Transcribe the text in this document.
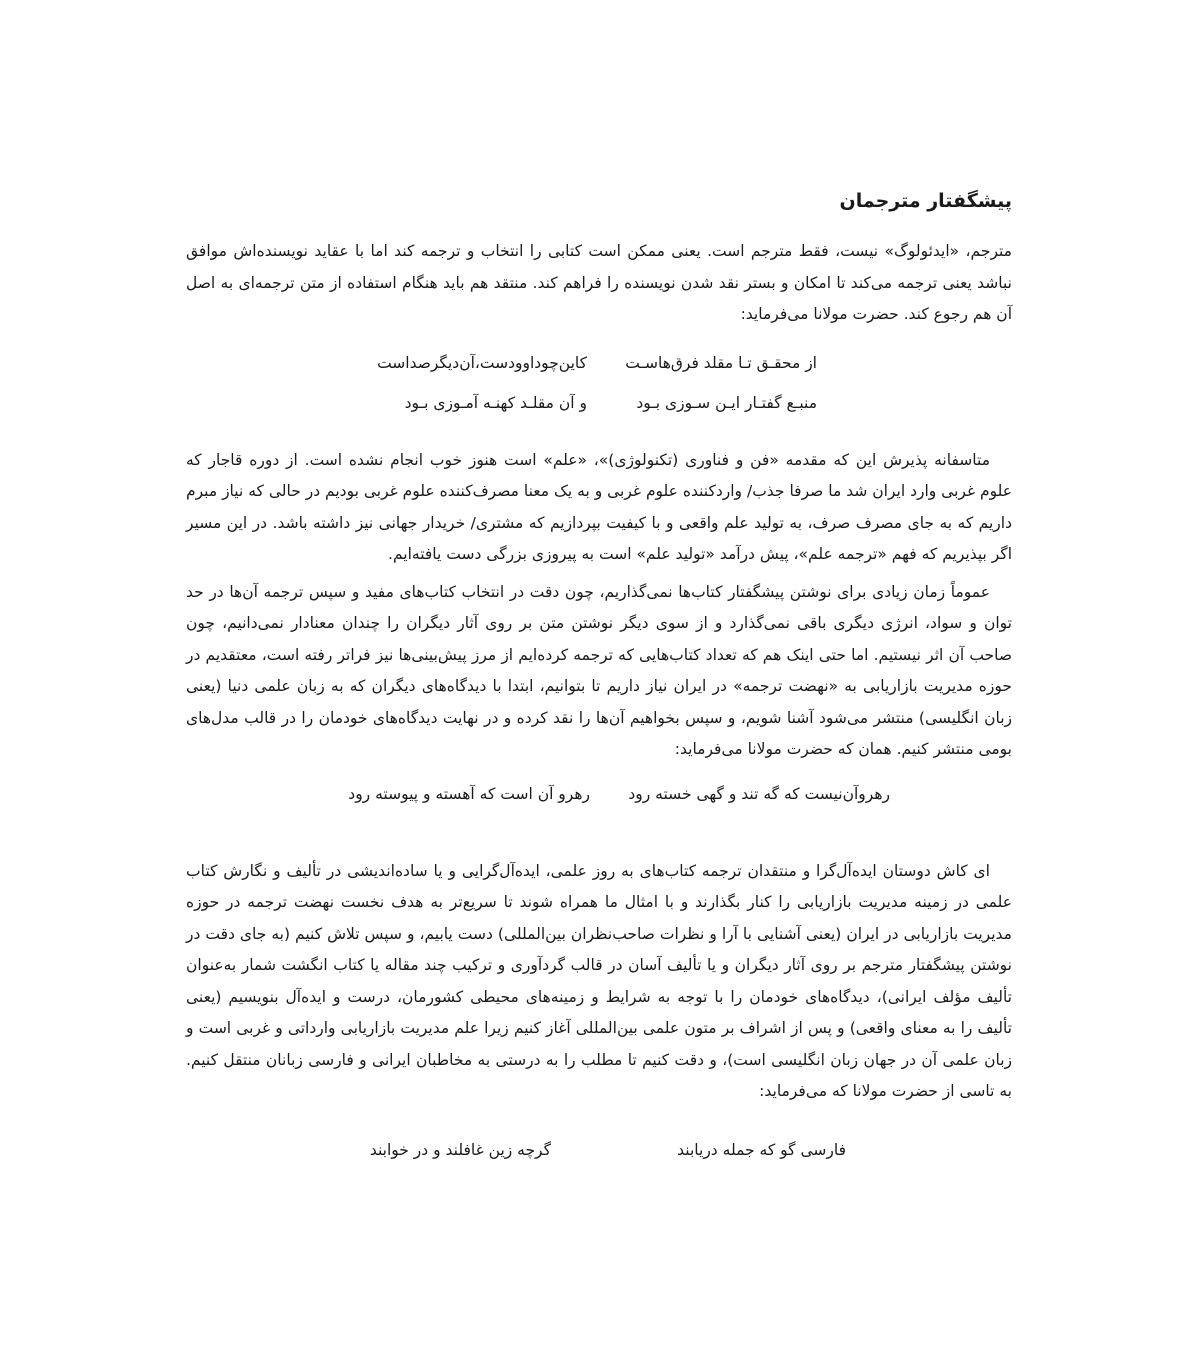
پیشگفتار مترجمان

مترجم، «ایدئولوگ» نیست، فقط مترجم است. یعنی ممکن است کتابی را انتخاب و ترجمه کند اما با عقاید نویسنده‌اش موافق نباشد یعنی ترجمه می‌کند تا امکان و بستر نقد شدن نویسنده را فراهم کند. منتقد هم باید هنگام استفاده از متن ترجمه‌ای به اصل آن هم رجوع کند. حضرت مولانا می‌فرماید:

از محقـق تـا مقلد فرق‌هاسـت
کاین‌چوداوودست،آن‌دیگرصداست
منبـع گفتـار ایـن سـوزی بـود
و آن مقلـد کهنـه آمـوزی بـود

متاسفانه پذیرش این که مقدمه «فن و فناوری (تکنولوژی)»، «علم» است هنوز خوب انجام نشده است. از دوره قاجار که علوم غربی وارد ایران شد ما صرفا جذب/ واردکننده علوم غربی و به یک معنا مصرف‌کننده علوم غربی بودیم در حالی که نیاز مبرم داریم که به جای مصرف صرف، به تولید علم واقعی و با کیفیت بپردازیم که مشتری/ خریدار جهانی نیز داشته باشد. در این مسیر اگر بپذیریم که فهم «ترجمه علم»، پیش درآمد «تولید علم» است به پیروزی بزرگی دست یافته‌ایم.

عموماً زمان زیادی برای نوشتن پیشگفتار کتاب‌ها نمی‌گذاریم، چون دقت در انتخاب کتاب‌های مفید و سپس ترجمه آن‌ها در حد توان و سواد، انرژی دیگری باقی نمی‌گذارد و از سوی دیگر نوشتن متن بر روی آثار دیگران را چندان معنادار نمی‌دانیم، چون صاحب آن اثر نیستیم. اما حتی اینک هم که تعداد کتاب‌هایی که ترجمه کرده‌ایم از مرز پیش‌بینی‌ها نیز فراتر رفته است، معتقدیم در حوزه مدیریت بازاریابی به «نهضت ترجمه» در ایران نیاز داریم تا بتوانیم، ابتدا با دیدگاه‌های دیگران که به زبان علمی دنیا (یعنی زبان انگلیسی) منتشر می‌شود آشنا شویم، و سپس بخواهیم آن‌ها را نقد کرده و در نهایت دیدگاه‌های خودمان را در قالب مدل‌های بومی منتشر کنیم. همان که حضرت مولانا می‌فرماید:

رهروآن‌نیست که گه تند و گهی خسته رود
رهرو آن است که آهسته و پیوسته رود

ای کاش دوستان ایده‌آل‌گرا و منتقدان ترجمه کتاب‌های به روز علمی، ایده‌آل‌گرایی و یا ساده‌اندیشی در تألیف و نگارش کتاب علمی در زمینه مدیریت بازاریابی را کنار بگذارند و با امثال ما همراه شوند تا سریع‌تر به هدف نخست نهضت ترجمه در حوزه مدیریت بازاریابی در ایران (یعنی آشنایی با آرا و نظرات صاحب‌نظران بین‌المللی) دست یابیم، و سپس تلاش کنیم (به جای دقت در نوشتن پیشگفتار مترجم بر روی آثار دیگران و یا تألیف آسان در قالب گردآوری و ترکیب چند مقاله یا کتاب انگشت شمار به‌عنوان تألیف مؤلف ایرانی)، دیدگاه‌های خودمان را با توجه به شرایط و زمینه‌های محیطی کشورمان، درست و ایده‌آل بنویسیم (یعنی تألیف را به معنای واقعی) و پس از اشراف بر متون علمی بین‌المللی آغاز کنیم زیرا علم مدیریت بازاریابی وارداتی و غربی است و زبان علمی آن در جهان زبان انگلیسی است)، و دقت کنیم تا مطلب را به درستی به مخاطبان ایرانی و فارسی زبانان منتقل کنیم. به تاسی از حضرت مولانا که می‌فرماید:

فارسی گو که جمله دریابند
گرچه زین غافلند و در خوابند
